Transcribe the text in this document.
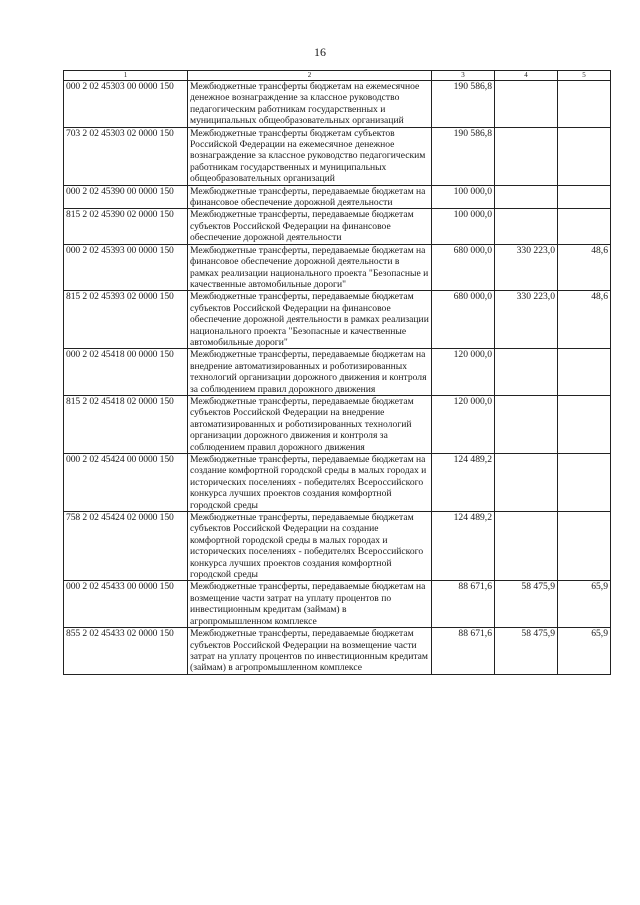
16
1	2	3	4	5
000 2 02 45303 00 0000 150	Межбюджетные трансферты бюджетам на ежемесячное денежное вознаграждение за классное руководство педагогическим работникам государственных и муниципальных общеобразовательных организаций	190 586,8		
703 2 02 45303 02 0000 150	Межбюджетные трансферты бюджетам субъектов Российской Федерации на ежемесячное денежное вознаграждение за классное руководство педагогическим работникам государственных и муниципальных общеобразовательных организаций	190 586,8		
000 2 02 45390 00 0000 150	Межбюджетные трансферты, передаваемые бюджетам на финансовое обеспечение дорожной деятельности	100 000,0		
815 2 02 45390 02 0000 150	Межбюджетные трансферты, передаваемые бюджетам субъектов Российской Федерации на финансовое обеспечение дорожной деятельности	100 000,0		
000 2 02 45393 00 0000 150	Межбюджетные трансферты, передаваемые бюджетам на финансовое обеспечение дорожной деятельности в рамках реализации национального проекта "Безопасные и качественные автомобильные дороги"	680 000,0	330 223,0	48,6
815 2 02 45393 02 0000 150	Межбюджетные трансферты, передаваемые бюджетам субъектов Российской Федерации на финансовое обеспечение дорожной деятельности в рамках реализации национального проекта "Безопасные и качественные автомобильные дороги"	680 000,0	330 223,0	48,6
000 2 02 45418 00 0000 150	Межбюджетные трансферты, передаваемые бюджетам на внедрение автоматизированных и роботизированных технологий организации дорожного движения и контроля за соблюдением правил дорожного движения	120 000,0		
815 2 02 45418 02 0000 150	Межбюджетные трансферты, передаваемые бюджетам субъектов Российской Федерации на внедрение автоматизированных и роботизированных технологий организации дорожного движения и контроля за соблюдением правил дорожного движения	120 000,0		
000 2 02 45424 00 0000 150	Межбюджетные трансферты, передаваемые бюджетам на создание комфортной городской среды в малых городах и исторических поселениях - победителях Всероссийского конкурса лучших проектов создания комфортной городской среды	124 489,2		
758 2 02 45424 02 0000 150	Межбюджетные трансферты, передаваемые бюджетам субъектов Российской Федерации на создание комфортной городской среды в малых городах и исторических поселениях - победителях Всероссийского конкурса лучших проектов создания комфортной городской среды	124 489,2		
000 2 02 45433 00 0000 150	Межбюджетные трансферты, передаваемые бюджетам на возмещение части затрат на уплату процентов по инвестиционным кредитам (займам) в агропромышленном комплексе	88 671,6	58 475,9	65,9
855 2 02 45433 02 0000 150	Межбюджетные трансферты, передаваемые бюджетам субъектов Российской Федерации на возмещение части затрат на уплату процентов по инвестиционным кредитам (займам) в агропромышленном комплексе	88 671,6	58 475,9	65,9
